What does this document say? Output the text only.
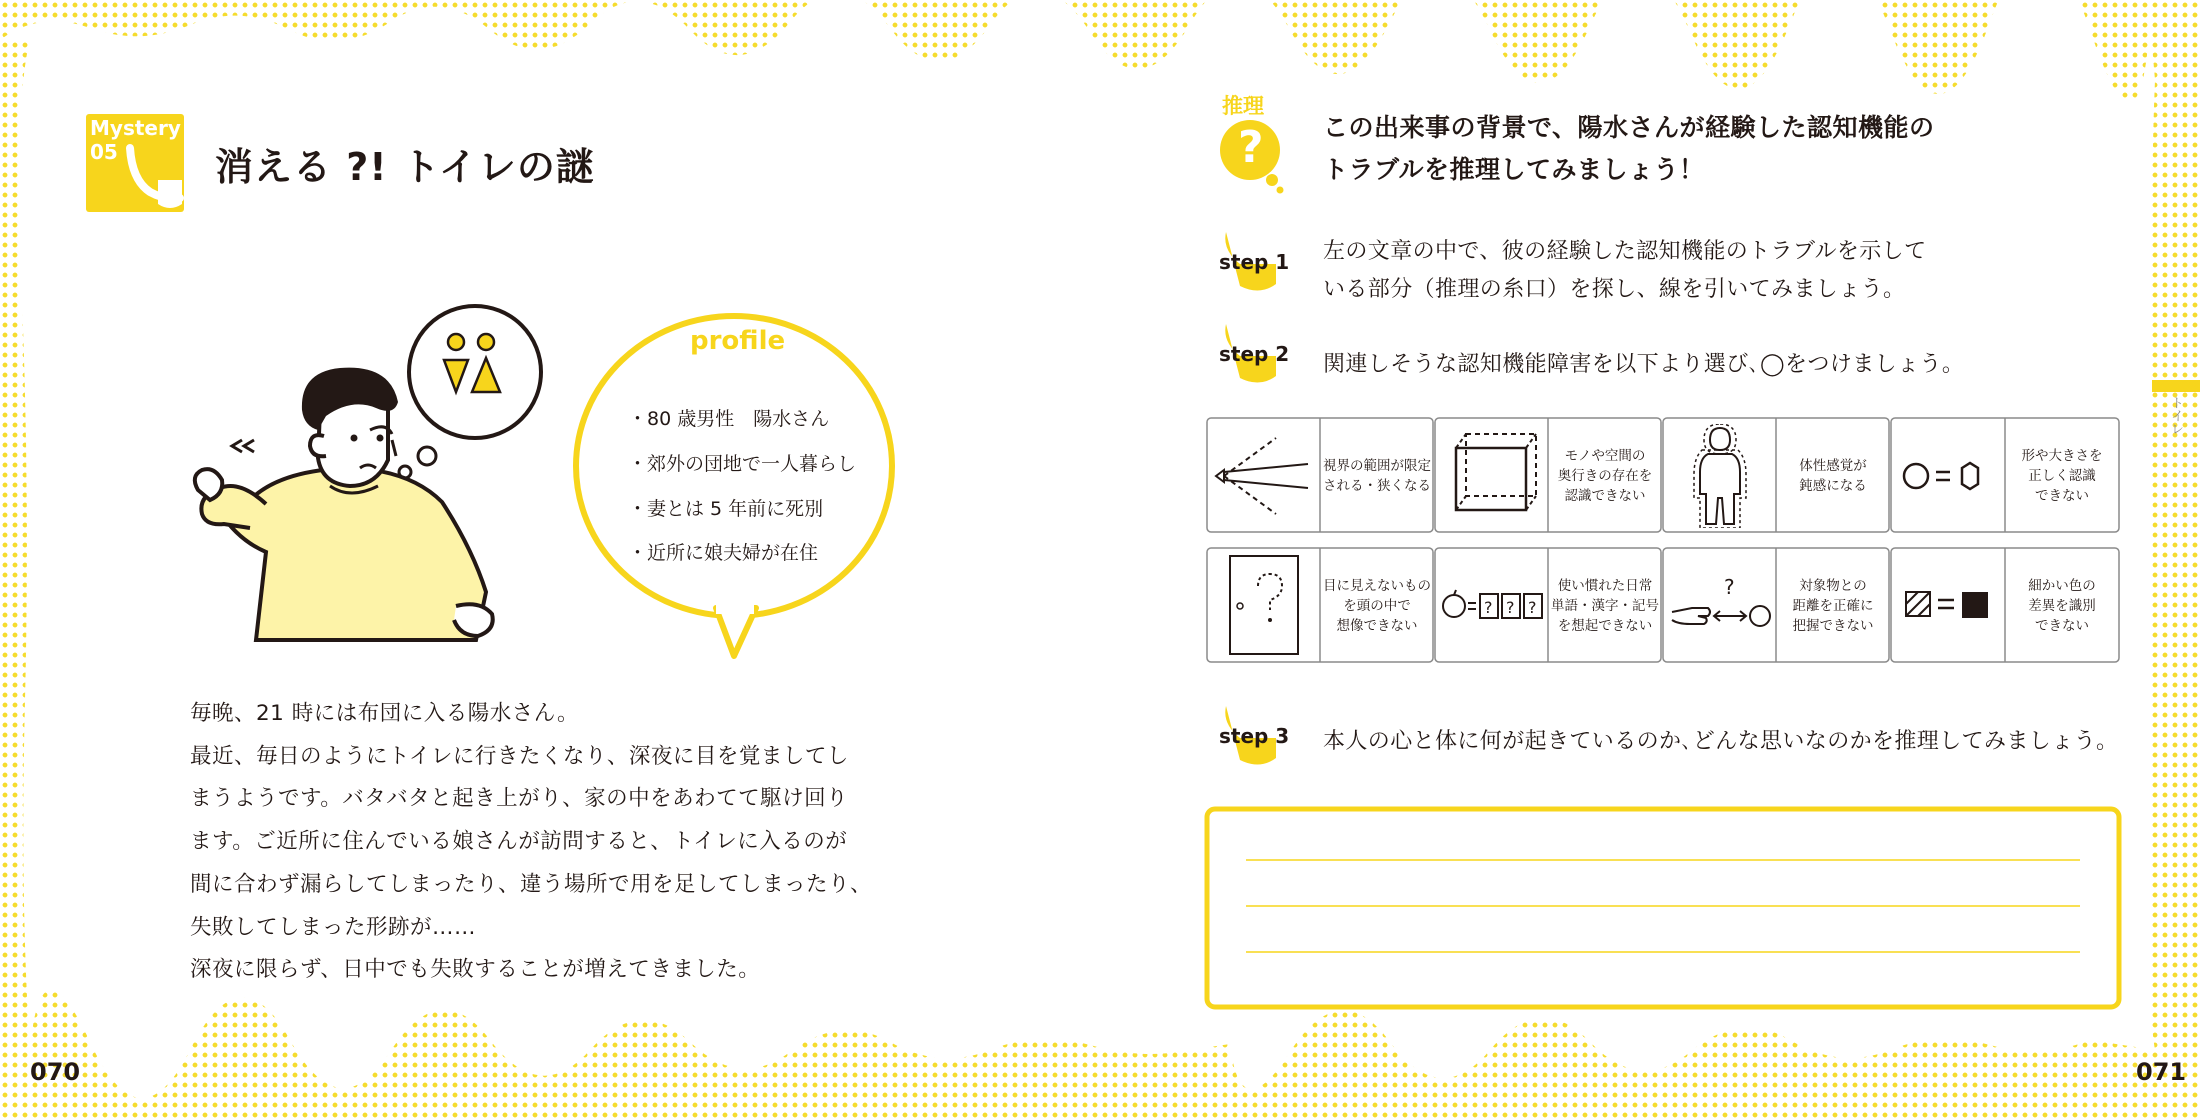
Mystery
05	消える ?! トイレの謎
profile
・80 歳男性　陽水さん
・郊外の団地で一人暮らし
・妻とは 5 年前に死別
・近所に娘夫婦が在住
毎晩、21 時には布団に入る陽水さん。
最近、毎日のようにトイレに行きたくなり、深夜に目を覚ましてし
まうようです。バタバタと起き上がり、家の中をあわてて駆け回り
ます。ご近所に住んでいる娘さんが訪問すると、トイレに入るのが
間に合わず漏らしてしまったり、違う場所で用を足してしまったり、
失敗してしまった形跡が……
深夜に限らず、日中でも失敗することが増えてきました。
070
推理
? この出来事の背景で、陽水さんが経験した認知機能の
トラブルを推理してみましょう！
step 1 左の文章の中で、彼の経験した認知機能のトラブルを示して
いる部分（推理の糸口）を探し、線を引いてみましょう。
step 2 関連しそうな認知機能障害を以下より選び､◯をつけましょう。
? ? ?
?
視界の範囲が限定
される・狭くなる
モノや空間の
奥行きの存在を
認識できない
体性感覚が
鈍感になる
形や大きさを
正しく認識
できない
目に見えないもの
を頭の中で
想像できない
使い慣れた日常
単語・漢字・記号
を想起できない
対象物との
距離を正確に
把握できない
細かい色の
差異を識別
できない
step 3 本人の心と体に何が起きているのか､どんな思いなのかを推理してみましょう。
トイレ
071
